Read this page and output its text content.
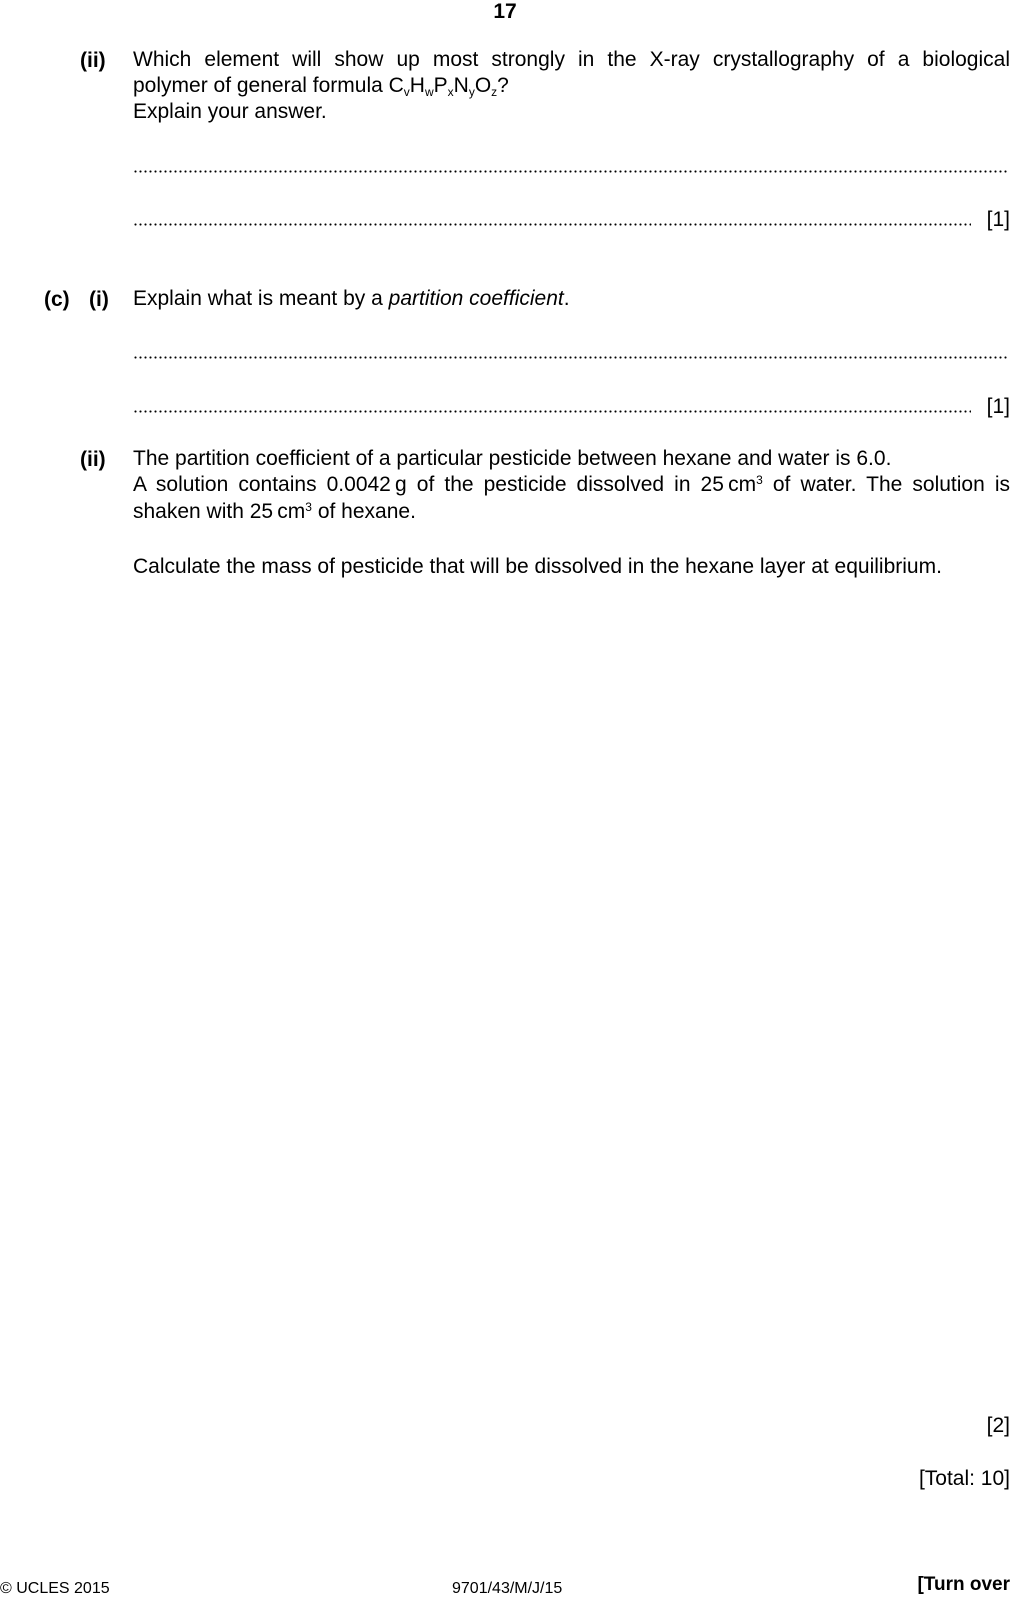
17
(ii) Which element will show up most strongly in the X-ray crystallography of a biological
polymer of general formula $C_vH_wP_xN_yO_z$?
Explain your answer.
[1]
(c) (i) Explain what is meant by a partition coefficient.
[1]
(ii) The partition coefficient of a particular pesticide between hexane and water is 6.0.
A solution contains 0.0042 g of the pesticide dissolved in 25 $cm^3$ of water. The solution is
shaken with 25 $cm^3$ of hexane.
Calculate the mass of pesticide that will be dissolved in the hexane layer at equilibrium.
[2]
[Total: 10]
© UCLES 2015	9701/43/M/J/15	[Turn over
